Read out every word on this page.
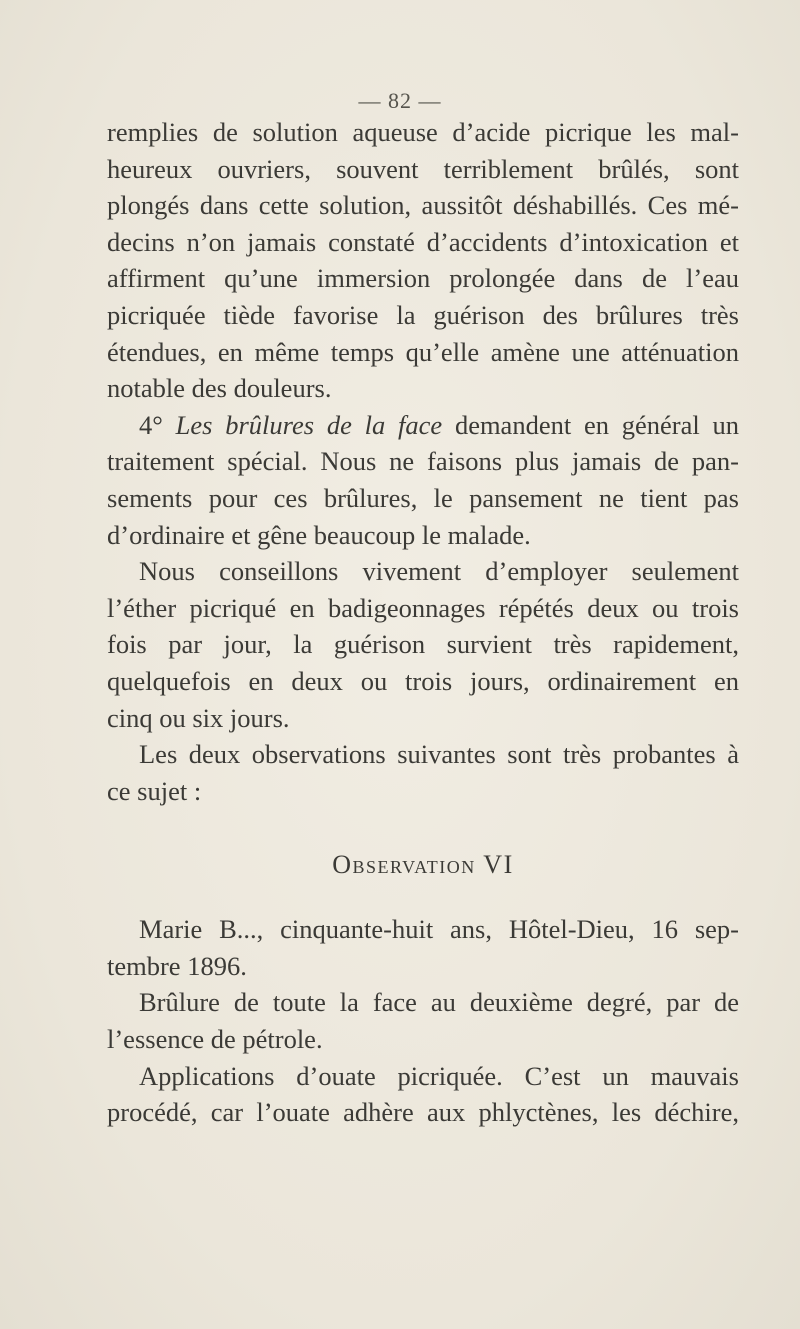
— 82 —
remplies de solution aqueuse d’acide picrique les mal-
heureux ouvriers, souvent terriblement brûlés, sont
plongés dans cette solution, aussitôt déshabillés. Ces mé-
decins n’on jamais constaté d’accidents d’intoxication et
affirment qu’une immersion prolongée dans de l’eau
picriquée tiède favorise la guérison des brûlures très
étendues, en même temps qu’elle amène une atténuation
notable des douleurs.
4° Les brûlures de la face demandent en général un
traitement spécial. Nous ne faisons plus jamais de pan-
sements pour ces brûlures, le pansement ne tient pas
d’ordinaire et gêne beaucoup le malade.
Nous conseillons vivement d’employer seulement
l’éther picriqué en badigeonnages répétés deux ou trois
fois par jour, la guérison survient très rapidement,
quelquefois en deux ou trois jours, ordinairement en
cinq ou six jours.
Les deux observations suivantes sont très probantes à
ce sujet :
Observation VI
Marie B..., cinquante-huit ans, Hôtel-Dieu, 16 sep-
tembre 1896.
Brûlure de toute la face au deuxième degré, par de
l’essence de pétrole.
Applications d’ouate picriquée. C’est un mauvais
procédé, car l’ouate adhère aux phlyctènes, les déchire,
